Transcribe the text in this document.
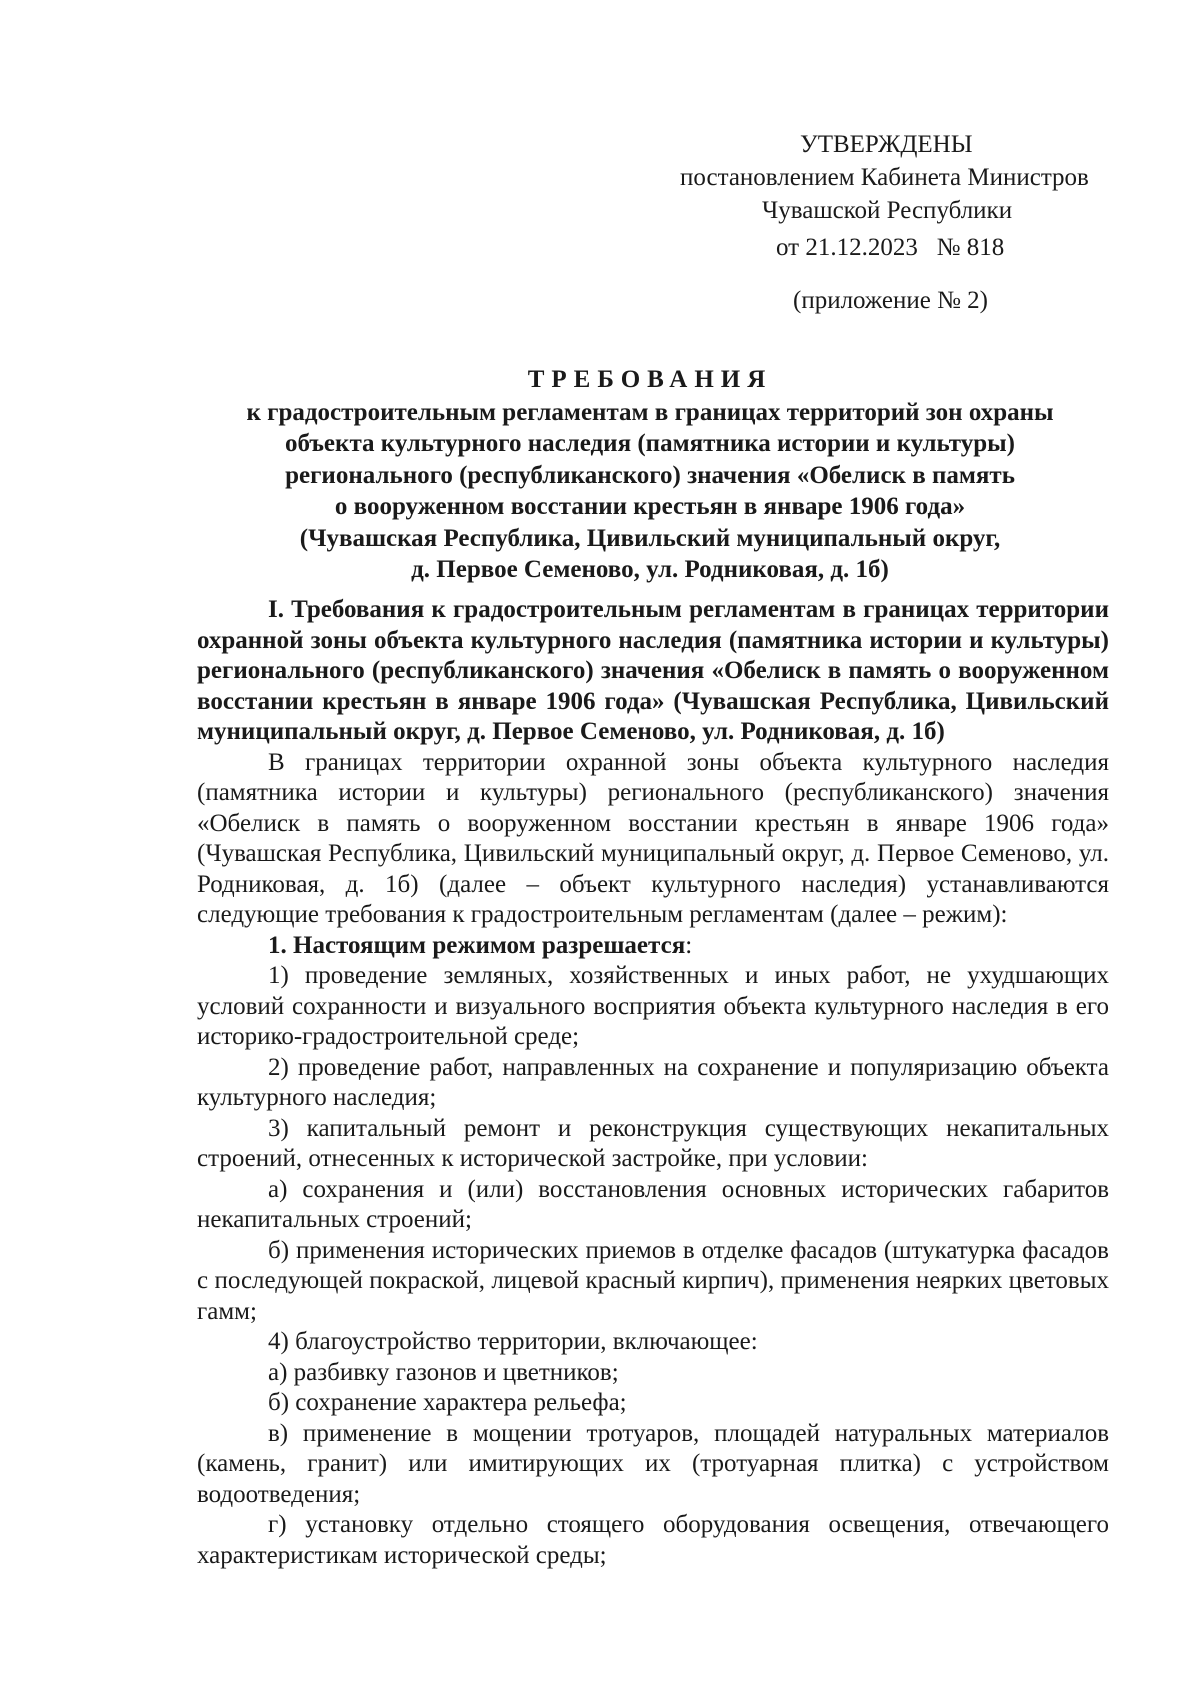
УТВЕРЖДЕНЫ
постановлением Кабинета Министров
Чувашской Республики
от 21.12.2023   № 818
(приложение № 2)
ТРЕБОВАНИЯ
к градостроительным регламентам в границах территорий зон охраны
объекта культурного наследия (памятника истории и культуры)
регионального (республиканского) значения «Обелиск в память
о вооруженном восстании крестьян в январе 1906 года»
(Чувашская Республика, Цивильский муниципальный округ,
д. Первое Семеново, ул. Родниковая, д. 1б)

I. Требования к градостроительным регламентам в границах территории охранной зоны объекта культурного наследия (памятника истории и культуры) регионального (республиканского) значения «Обелиск в память о вооруженном восстании крестьян в январе 1906 года» (Чувашская Республика, Цивильский муниципальный округ, д. Первое Семеново, ул. Родниковая, д. 1б)

В границах территории охранной зоны объекта культурного наследия (памятника истории и культуры) регионального (республиканского) значения «Обелиск в память о вооруженном восстании крестьян в январе 1906 года» (Чувашская Республика, Цивильский муниципальный округ, д. Первое Семеново, ул. Родниковая, д. 1б) (далее – объект культурного наследия) устанавливаются следующие требования к градостроительным регламентам (далее – режим):

1. Настоящим режимом разрешается:

1) проведение земляных, хозяйственных и иных работ, не ухудшающих условий сохранности и визуального восприятия объекта культурного наследия в его историко-градостроительной среде;

2) проведение работ, направленных на сохранение и популяризацию объекта культурного наследия;

3) капитальный ремонт и реконструкция существующих некапитальных строений, отнесенных к исторической застройке, при условии:

а) сохранения и (или) восстановления основных исторических габаритов некапитальных строений;

б) применения исторических приемов в отделке фасадов (штукатурка фасадов с последующей покраской, лицевой красный кирпич), применения неярких цветовых гамм;

4) благоустройство территории, включающее:

а) разбивку газонов и цветников;

б) сохранение характера рельефа;

в) применение в мощении тротуаров, площадей натуральных материалов (камень, гранит) или имитирующих их (тротуарная плитка) с устройством водоотведения;

г) установку отдельно стоящего оборудования освещения, отвечающего характеристикам исторической среды;
